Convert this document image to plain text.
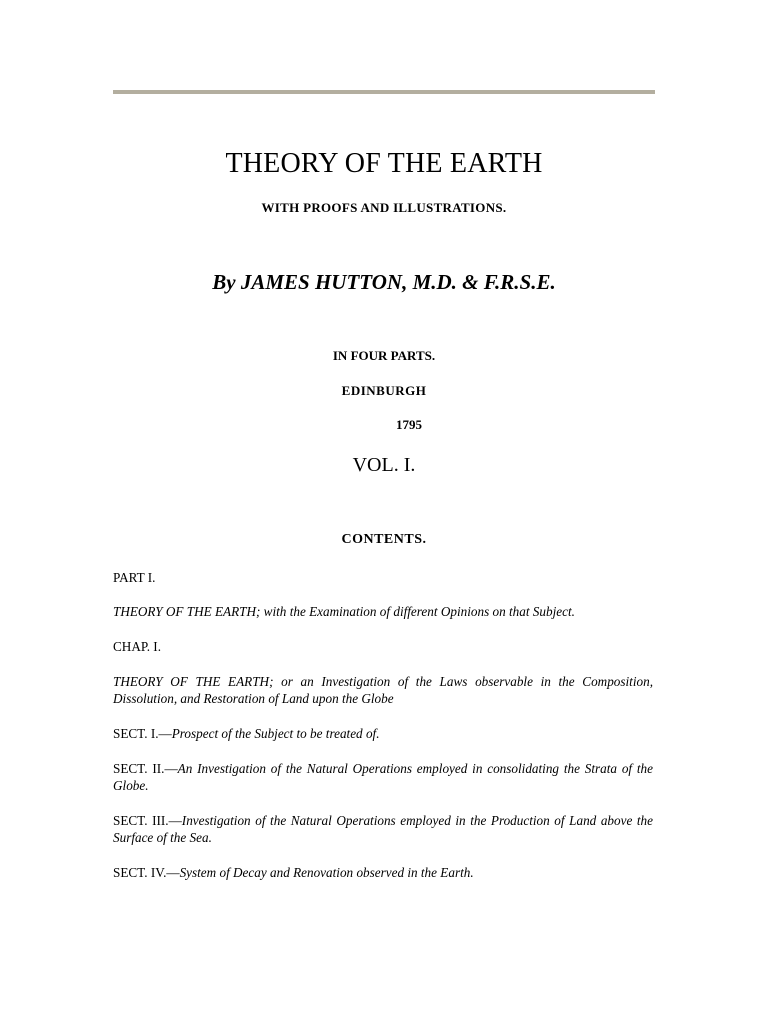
THEORY OF THE EARTH

WITH PROOFS AND ILLUSTRATIONS.

By JAMES HUTTON, M.D. & F.R.S.E.

IN FOUR PARTS.

EDINBURGH

1795

VOL. I.

CONTENTS.

PART I.

THEORY OF THE EARTH; with the Examination of different Opinions on that Subject.

CHAP. I.

THEORY OF THE EARTH; or an Investigation of the Laws observable in the Composition, Dissolution, and Restoration of Land upon the Globe

SECT. I.—Prospect of the Subject to be treated of.

SECT. II.—An Investigation of the Natural Operations employed in consolidating the Strata of the Globe.

SECT. III.—Investigation of the Natural Operations employed in the Production of Land above the Surface of the Sea.

SECT. IV.—System of Decay and Renovation observed in the Earth.
